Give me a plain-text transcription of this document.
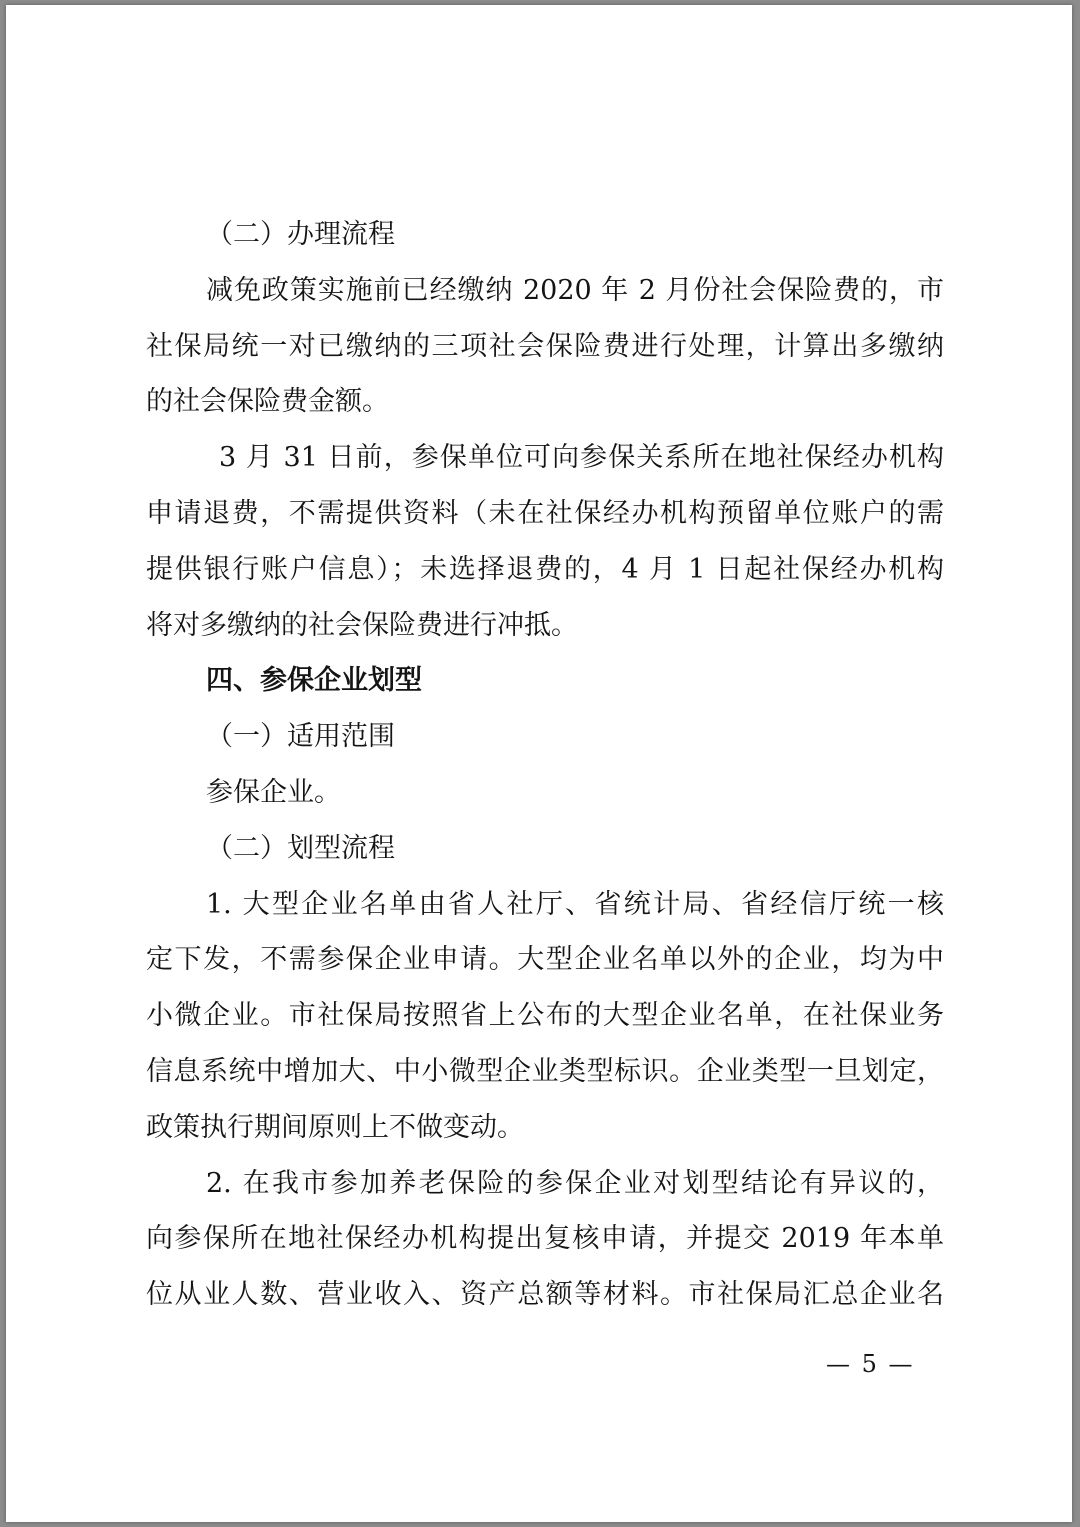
（二）办理流程
减免政策实施前已经缴纳 2020 年 2 月份社会保险费的，市
社保局统一对已缴纳的三项社会保险费进行处理，计算出多缴纳
的社会保险费金额。
3 月 31 日前，参保单位可向参保关系所在地社保经办机构
申请退费，不需提供资料（未在社保经办机构预留单位账户的需
提供银行账户信息）；未选择退费的，4 月 1 日起社保经办机构
将对多缴纳的社会保险费进行冲抵。
四、参保企业划型
（一）适用范围
参保企业。
（二）划型流程
1. 大型企业名单由省人社厅、省统计局、省经信厅统一核
定下发，不需参保企业申请。大型企业名单以外的企业，均为中
小微企业。市社保局按照省上公布的大型企业名单，在社保业务
信息系统中增加大、中小微型企业类型标识。企业类型一旦划定，
政策执行期间原则上不做变动。
2. 在我市参加养老保险的参保企业对划型结论有异议的，
向参保所在地社保经办机构提出复核申请，并提交 2019 年本单
位从业人数、营业收入、资产总额等材料。市社保局汇总企业名
— 5 —
